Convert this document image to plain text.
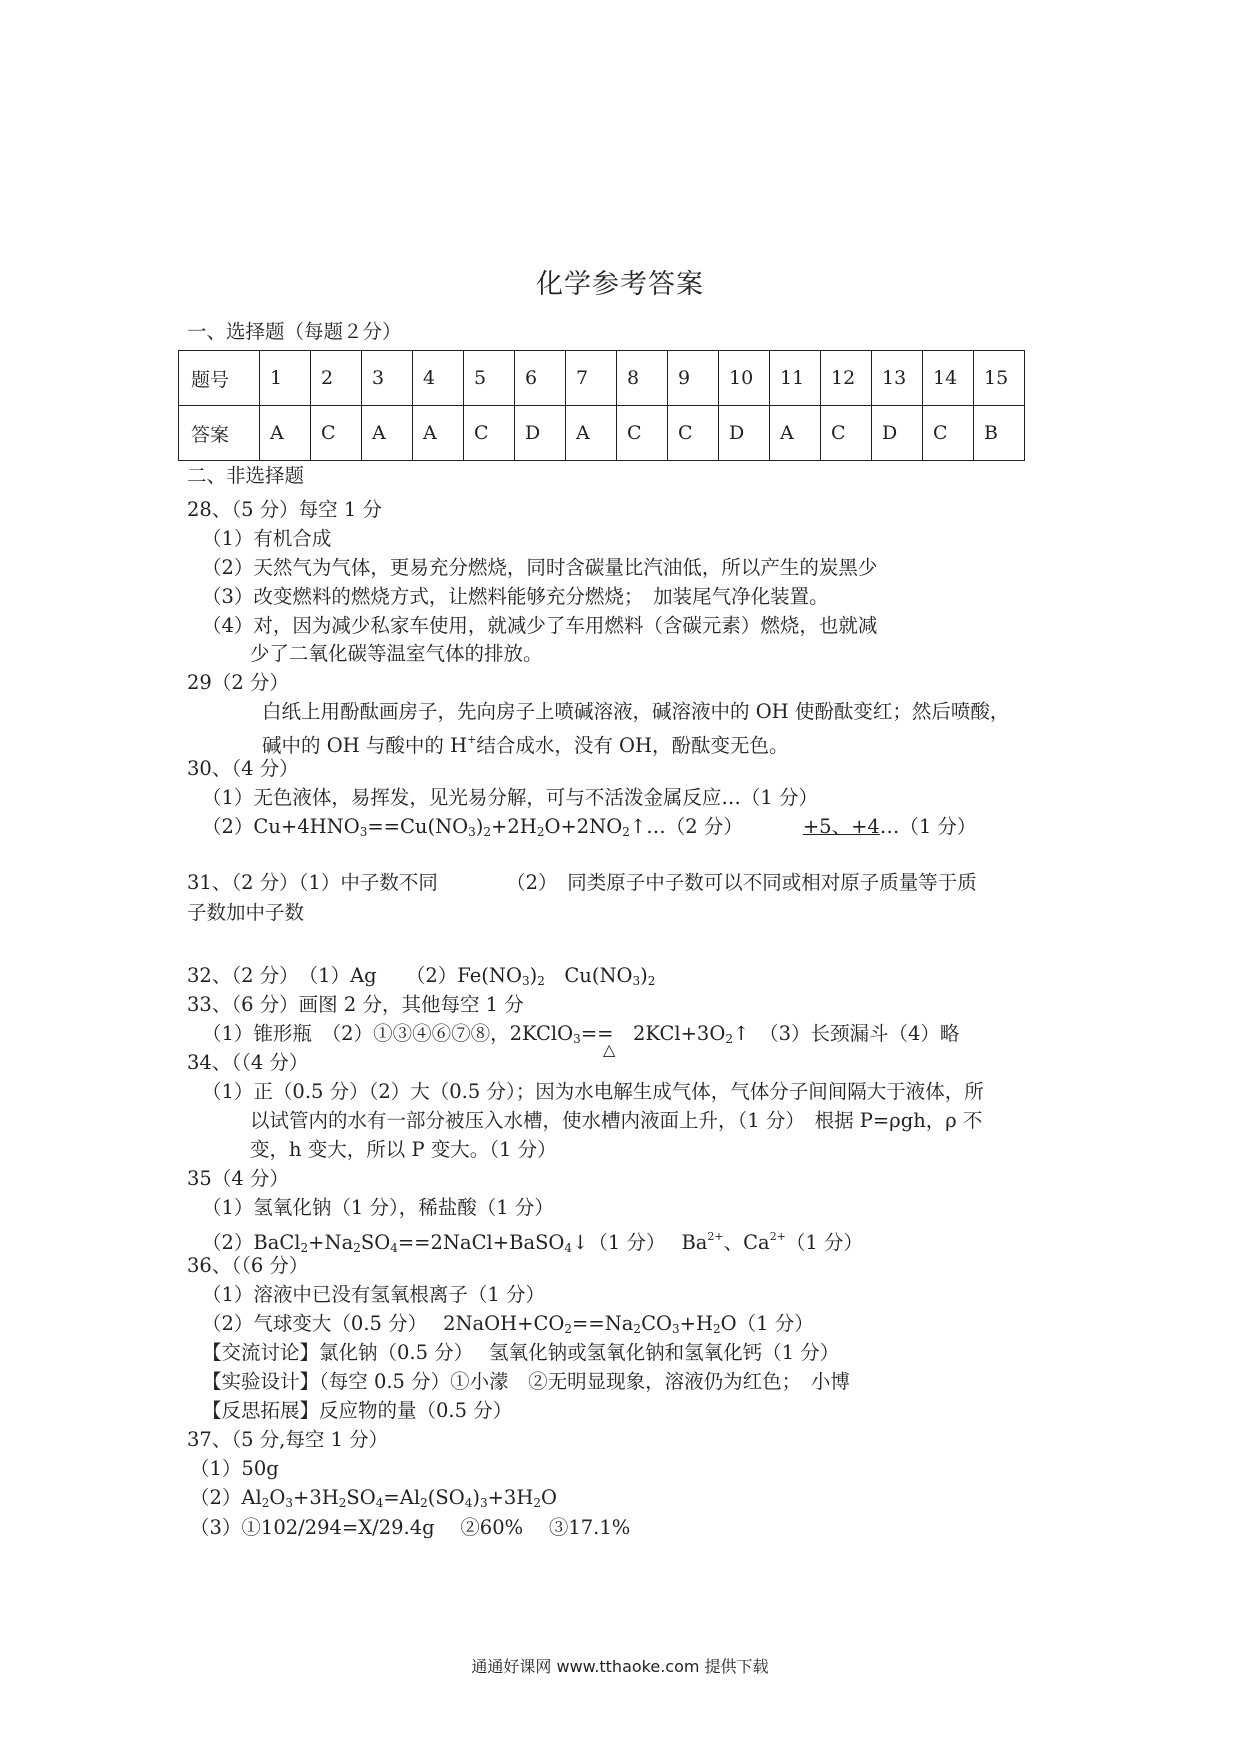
化学参考答案
一、选择题（每题２分）
题号	1	2	3	4	5	6	7	8	9	10	11	12	13	14	15
答案	A	C	A	A	C	D	A	C	C	D	A	C	D	C	B
二、非选择题
28、（5 分）每空 1 分
（1）有机合成
（2）天然气为气体，更易充分燃烧，同时含碳量比汽油低，所以产生的炭黑少
（3）改变燃料的燃烧方式，让燃料能够充分燃烧；　加装尾气净化装置。
（4）对，因为减少私家车使用，就减少了车用燃料（含碳元素）燃烧，也就减
少了二氧化碳等温室气体的排放。
29（2 分）
白纸上用酚酞画房子，先向房子上喷碱溶液，碱溶液中的 OH 使酚酞变红；然后喷酸，
碱中的 OH 与酸中的 H+结合成水，没有 OH，酚酞变无色。
30、（4 分）
（1）无色液体，易挥发，见光易分解，可与不活泼金属反应…（1 分）
$(2)Cu+4HNO_3==Cu(NO_3)_2+2H_2O+2NO_2↑\dots(2$ 分）	+5、+4…（1 分）
31、（2 分）（1）中子数不同　　　　（2）　同类原子中子数可以不同或相对原子质量等于质
子数加中子数
32、（2 分）　（1）Ag　　$(2)Fe(NO_3)_2$　$Cu(NO_3)_2$
33、（6 分）画图 2 分，其他每空 1 分
（1）锥形瓶　（2）①③④⑥⑦⑧，2KClO$_3$==　$2KCl+3O_2↑$　（3）长颈漏斗（4）略
△
34、（（4 分）
（1）正（0.5 分）（2）大（0.5 分）；因为水电解生成气体，气体分子间间隔大于液体，所
以试管内的水有一部分被压入水槽，使水槽内液面上升，（1 分）　根据 P=ρgh，ρ 不
变，h 变大，所以 P 变大。（1 分）
35（4 分）
（1）氢氧化钠（1 分），稀盐酸（1 分）
$(2)BaCl_2+Na_2SO_4==2NaCl+BaSO_4↓(1$ 分）　 $Ba^{2+}$、$Ca^{2+}(1$ 分）
36、（（6 分）
（1）溶液中已没有氢氧根离子（1 分）
（2）气球变大（0.5 分）　 $2NaOH+CO_2==Na_2CO_3+H_2O(1$ 分）
【交流讨论】氯化钠（0.5 分）　 氢氧化钠或氢氧化钠和氢氧化钙（1 分）
【实验设计】（每空 0.5 分）①小濛　②无明显现象，溶液仍为红色；　小博
【反思拓展】反应物的量（0.5 分）
37、（5 分,每空 1 分）
（1）50g
$(2)Al_2O_3+3H_2SO_4=Al_2(SO_4)_3+3H_2O$
（3）①102/294=X/29.4g　 ②60%　 ③17.1%
通通好课网 www.tthaoke.com 提供下载
